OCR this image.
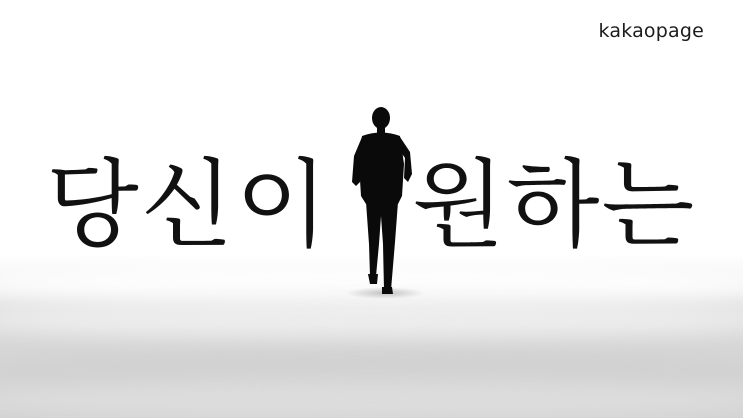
kakaopage
당신이 원하는
